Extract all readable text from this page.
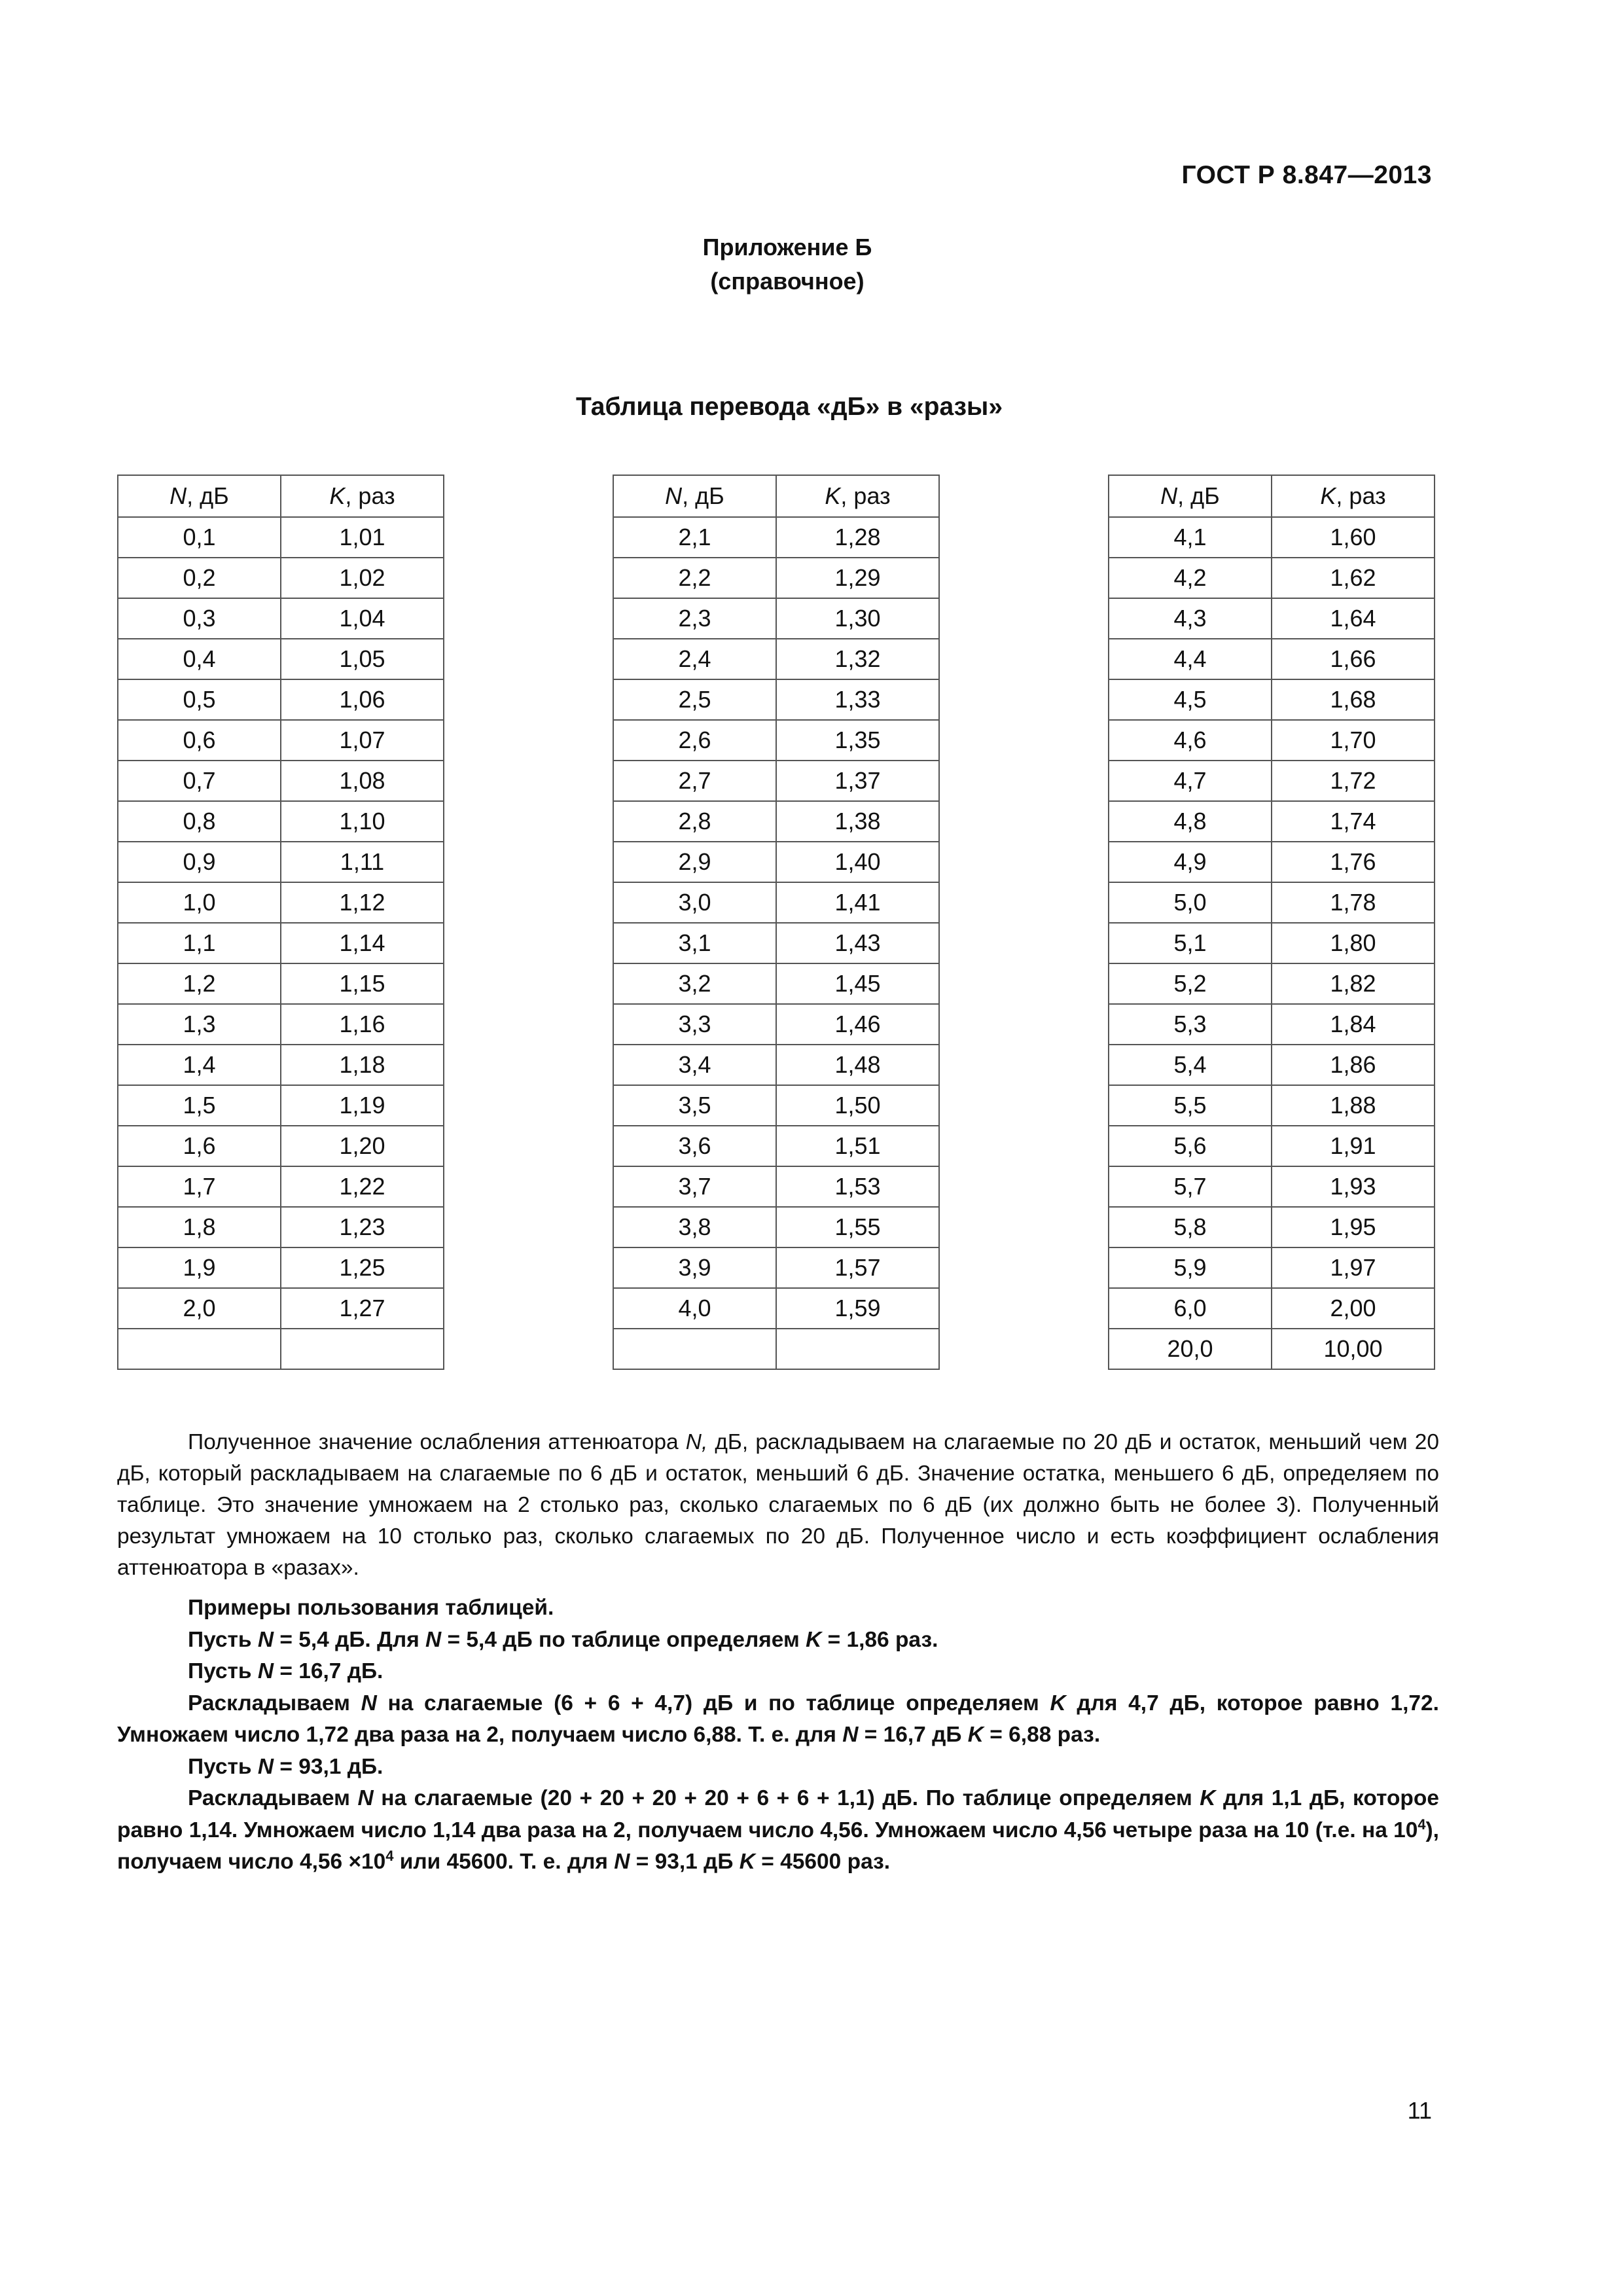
ГОСТ Р 8.847—2013
Приложение Б
(справочное)
Таблица перевода «дБ» в «разы»
N, дБ	K, раз
0,1	1,01
0,2	1,02
0,3	1,04
0,4	1,05
0,5	1,06
0,6	1,07
0,7	1,08
0,8	1,10
0,9	1,11
1,0	1,12
1,1	1,14
1,2	1,15
1,3	1,16
1,4	1,18
1,5	1,19
1,6	1,20
1,7	1,22
1,8	1,23
1,9	1,25
2,0	1,27

N, дБ	K, раз
2,1	1,28
2,2	1,29
2,3	1,30
2,4	1,32
2,5	1,33
2,6	1,35
2,7	1,37
2,8	1,38
2,9	1,40
3,0	1,41
3,1	1,43
3,2	1,45
3,3	1,46
3,4	1,48
3,5	1,50
3,6	1,51
3,7	1,53
3,8	1,55
3,9	1,57
4,0	1,59

N, дБ	K, раз
4,1	1,60
4,2	1,62
4,3	1,64
4,4	1,66
4,5	1,68
4,6	1,70
4,7	1,72
4,8	1,74
4,9	1,76
5,0	1,78
5,1	1,80
5,2	1,82
5,3	1,84
5,4	1,86
5,5	1,88
5,6	1,91
5,7	1,93
5,8	1,95
5,9	1,97
6,0	2,00
20,0	10,00

Полученное значение ослабления аттенюатора N, дБ, раскладываем на слагаемые по 20 дБ и остаток, меньший чем 20 дБ, который раскладываем на слагаемые по 6 дБ и остаток, меньший 6 дБ. Значение остатка, меньшего 6 дБ, определяем по таблице. Это значение умножаем на 2 столько раз, сколько слагаемых по 6 дБ (их должно быть не более 3). Полученный результат умножаем на 10 столько раз, сколько слагаемых по 20 дБ. Полученное число и есть коэффициент ослабления аттенюатора в «разах».

Примеры пользования таблицей.

Пусть N = 5,4 дБ. Для N = 5,4 дБ по таблице определяем K = 1,86 раз.

Пусть N = 16,7 дБ.

Раскладываем N на слагаемые (6 + 6 + 4,7) дБ и по таблице определяем K для 4,7 дБ, которое равно 1,72. Умножаем число 1,72 два раза на 2, получаем число 6,88. Т. е. для N = 16,7 дБ K = 6,88 раз.

Пусть N = 93,1 дБ.

Раскладываем N на слагаемые (20 + 20 + 20 + 20 + 6 + 6 + 1,1) дБ. По таблице определяем K для 1,1 дБ, которое равно 1,14. Умножаем число 1,14 два раза на 2, получаем число 4,56. Умножаем число 4,56 четыре раза на 10 (т.е. на $10^4$), получаем число $4,56 \times 10^4$ или 45600. Т. е. для N = 93,1 дБ K = 45600 раз.

11
